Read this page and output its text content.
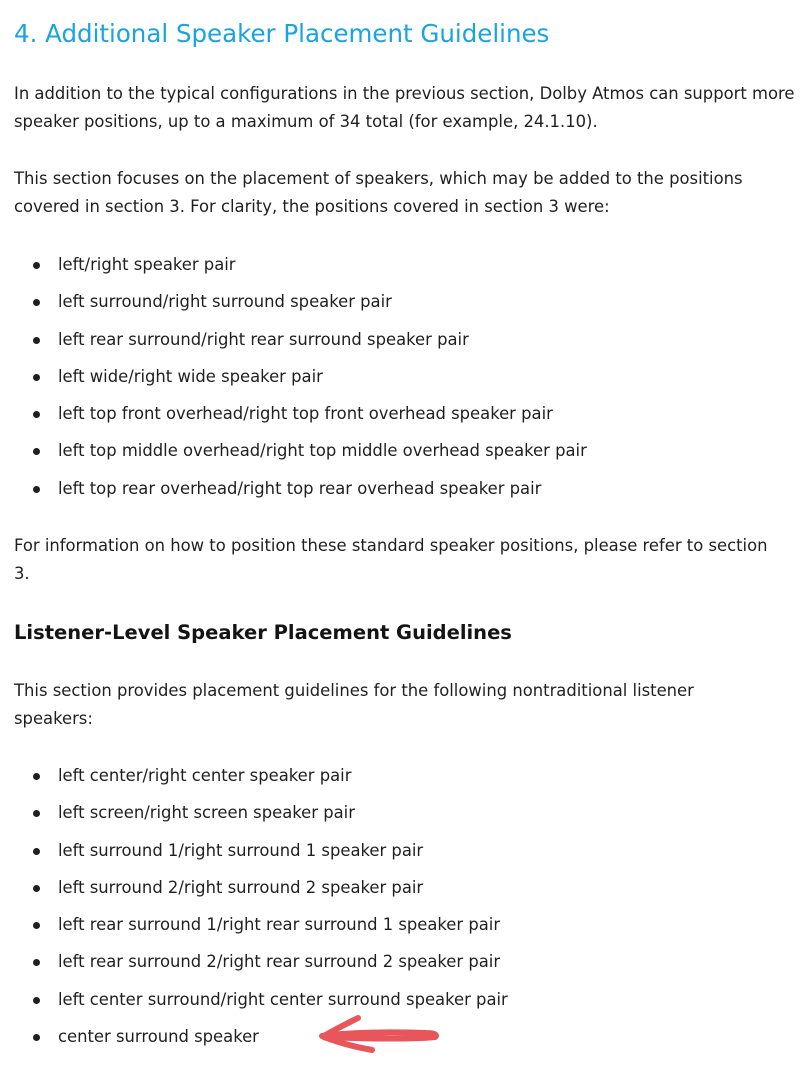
4. Additional Speaker Placement Guidelines

In addition to the typical configurations in the previous section, Dolby Atmos can support more speaker positions, up to a maximum of 34 total (for example, 24.1.10).

This section focuses on the placement of speakers, which may be added to the positions covered in section 3. For clarity, the positions covered in section 3 were:

left/right speaker pair
left surround/right surround speaker pair
left rear surround/right rear surround speaker pair
left wide/right wide speaker pair
left top front overhead/right top front overhead speaker pair
left top middle overhead/right top middle overhead speaker pair
left top rear overhead/right top rear overhead speaker pair

For information on how to position these standard speaker positions, please refer to section 3.

Listener-Level Speaker Placement Guidelines

This section provides placement guidelines for the following nontraditional listener speakers:

left center/right center speaker pair
left screen/right screen speaker pair
left surround 1/right surround 1 speaker pair
left surround 2/right surround 2 speaker pair
left rear surround 1/right rear surround 1 speaker pair
left rear surround 2/right rear surround 2 speaker pair
left center surround/right center surround speaker pair
center surround speaker
